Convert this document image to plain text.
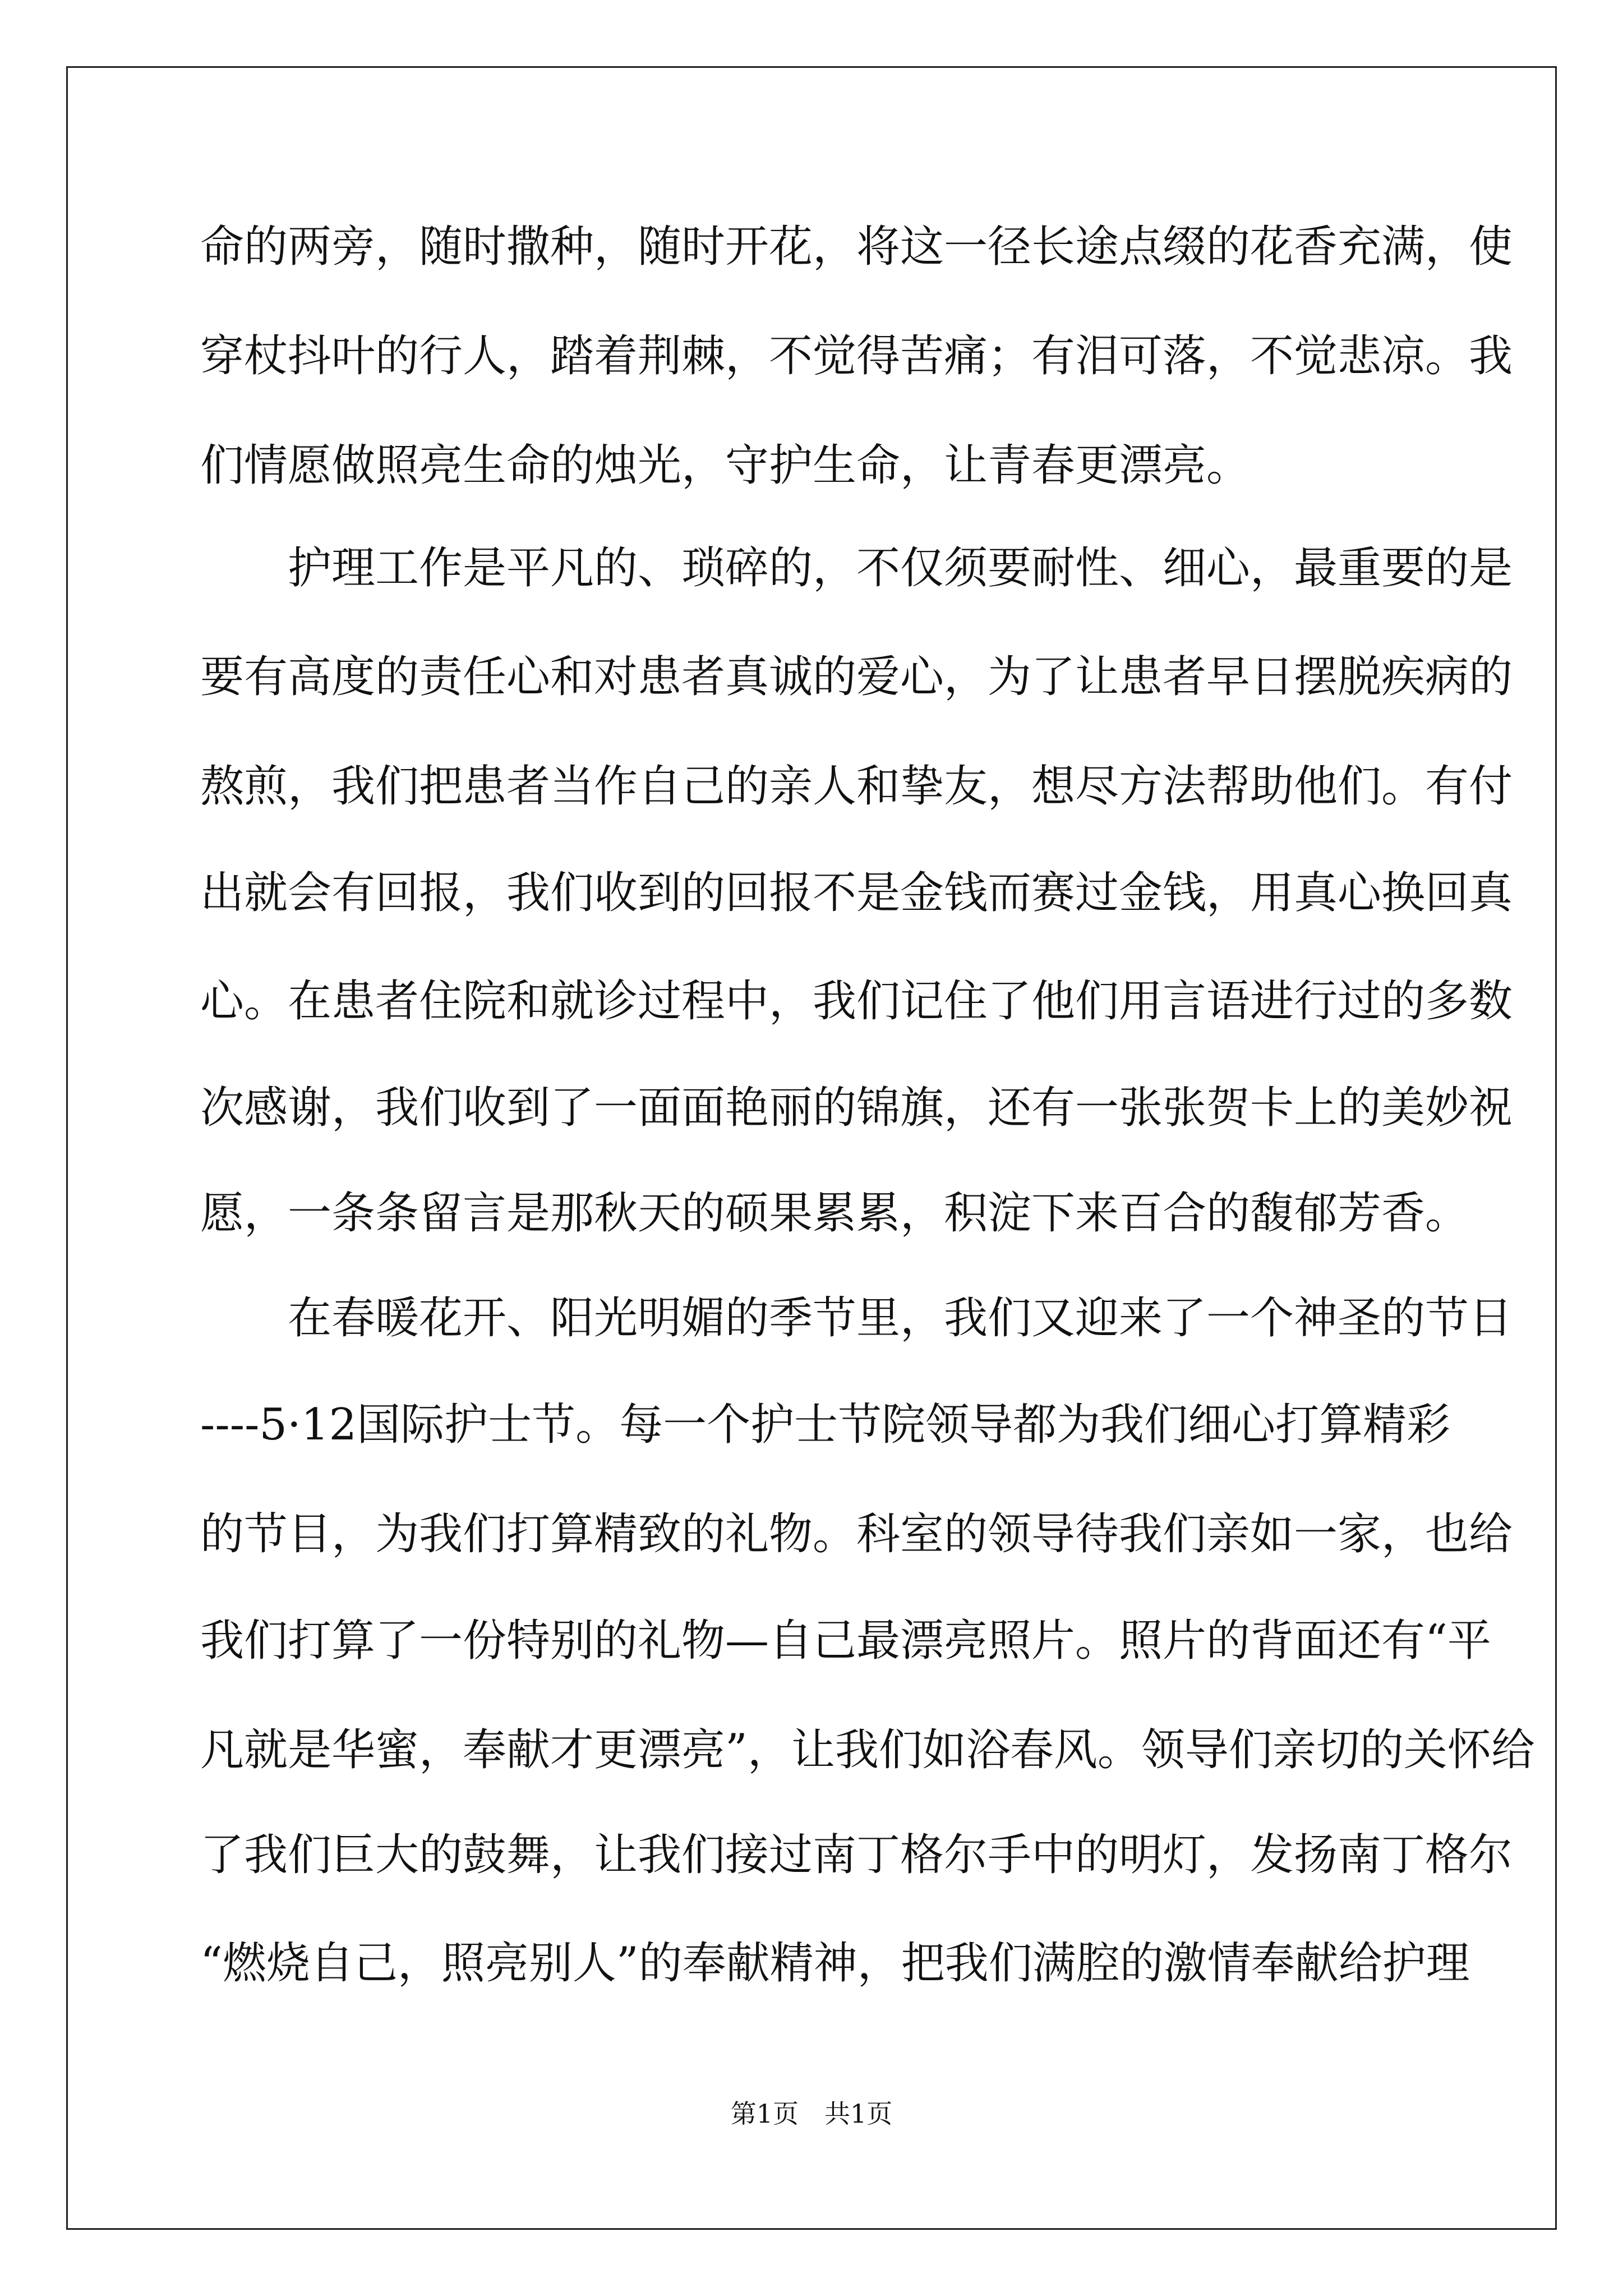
命的两旁，随时撒种，随时开花，将这一径长途点缀的花香充满，使
穿杖抖叶的行人，踏着荆棘，不觉得苦痛；有泪可落，不觉悲凉。我
们情愿做照亮生命的烛光，守护生命，让青春更漂亮。
　　护理工作是平凡的、琐碎的，不仅须要耐性、细心，最重要的是
要有高度的责任心和对患者真诚的爱心，为了让患者早日摆脱疾病的
熬煎，我们把患者当作自己的亲人和挚友，想尽方法帮助他们。有付
出就会有回报，我们收到的回报不是金钱而赛过金钱，用真心换回真
心。在患者住院和就诊过程中，我们记住了他们用言语进行过的多数
次感谢，我们收到了一面面艳丽的锦旗，还有一张张贺卡上的美妙祝
愿，一条条留言是那秋天的硕果累累，积淀下来百合的馥郁芳香。
　　在春暖花开、阳光明媚的季节里，我们又迎来了一个神圣的节日
----5·12国际护士节。每一个护士节院领导都为我们细心打算精彩
的节目，为我们打算精致的礼物。科室的领导待我们亲如一家，也给
我们打算了一份特别的礼物—自己最漂亮照片。照片的背面还有“平
凡就是华蜜，奉献才更漂亮”，让我们如浴春风。领导们亲切的关怀给
了我们巨大的鼓舞，让我们接过南丁格尔手中的明灯，发扬南丁格尔
“燃烧自己，照亮别人”的奉献精神，把我们满腔的激情奉献给护理
第1页　共1页
